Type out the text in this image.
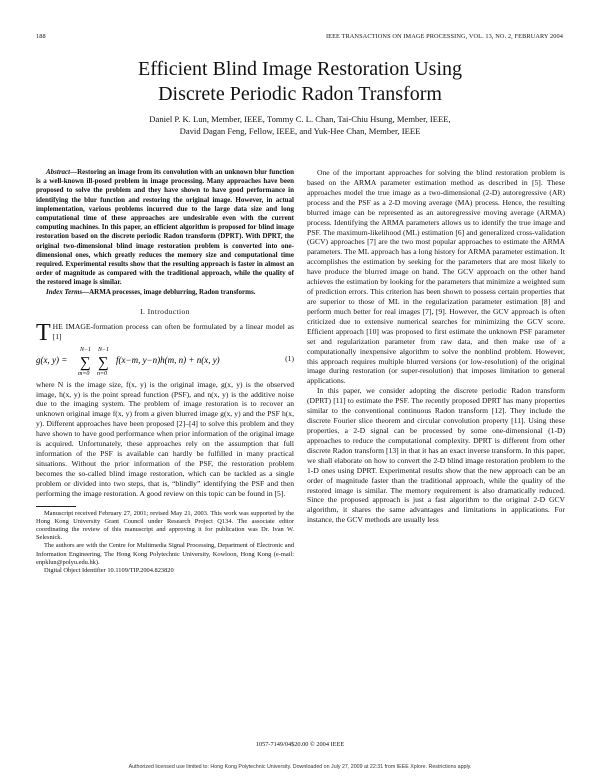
188	IEEE TRANSACTIONS ON IMAGE PROCESSING, VOL. 13, NO. 2, FEBRUARY 2004
Efficient Blind Image Restoration Using
Discrete Periodic Radon Transform
Daniel P. K. Lun, Member, IEEE, Tommy C. L. Chan, Tai-Chiu Hsung, Member, IEEE,
David Dagan Feng, Fellow, IEEE, and Yuk-Hee Chan, Member, IEEE

Abstract—Restoring an image from its convolution with an unknown blur function is a well-known ill-posed problem in image processing. Many approaches have been proposed to solve the problem and they have shown to have good performance in identifying the blur function and restoring the original image. However, in actual implementation, various problems incurred due to the large data size and long computational time of these approaches are undesirable even with the current computing machines. In this paper, an efficient algorithm is proposed for blind image restoration based on the discrete periodic Radon transform (DPRT). With DPRT, the original two-dimensional blind image restoration problem is converted into one-dimensional ones, which greatly reduces the memory size and computational time required. Experimental results show that the resulting approach is faster in almost an order of magnitude as compared with the traditional approach, while the quality of the restored image is similar.

Index Terms—ARMA processes, image deblurring, Radon transforms.

I. Introduction

THE IMAGE-formation process can often be formulated by a linear model as [1]

g(x, y) =
N−1
∑
m=0
N−1
∑
n=0
f(x−m, y−n)h(m, n) + n(x, y)	(1)

where N is the image size, f(x, y) is the original image, g(x, y) is the observed image, h(x, y) is the point spread function (PSF), and n(x, y) is the additive noise due to the imaging system. The problem of image restoration is to recover an unknown original image f(x, y) from a given blurred image g(x, y) and the PSF h(x, y). Different approaches have been proposed [2]–[4] to solve this problem and they have shown to have good performance when prior information of the original image is acquired. Unfortunately, these approaches rely on the assumption that full information of the PSF is available can hardly be fulfilled in many practical situations. Without the prior information of the PSF, the restoration problem becomes the so-called blind image restoration, which can be tackled as a single problem or divided into two steps, that is, “blindly” identifying the PSF and then performing the image restoration. A good review on this topic can be found in [5].

Manuscript received February 27, 2001; revised May 21, 2003. This work was supported by the Hong Kong University Grant Council under Research Project Q134. The associate editor coordinating the review of this manuscript and approving it for publication was Dr. Ivan W. Selesnick.

The authors are with the Centre for Multimedia Signal Processing, Department of Electronic and Information Engineering, The Hong Kong Polytechnic University, Kowloon, Hong Kong (e-mail: enpklun@polyu.edu.hk).

Digital Object Identifier 10.1109/TIP.2004.823820

One of the important approaches for solving the blind restoration problem is based on the ARMA parameter estimation method as described in [5]. These approaches model the true image as a two-dimensional (2-D) autoregressive (AR) process and the PSF as a 2-D moving average (MA) process. Hence, the resulting blurred image can be represented as an autoregressive moving average (ARMA) process. Identifying the ARMA parameters allows us to identify the true image and PSF. The maximum-likelihood (ML) estimation [6] and generalized cross-validation (GCV) approaches [7] are the two most popular approaches to estimate the ARMA parameters. The ML approach has a long history for ARMA parameter estimation. It accomplishes the estimation by seeking for the parameters that are most likely to have produce the blurred image on hand. The GCV approach on the other hand achieves the estimation by looking for the parameters that minimize a weighted sum of prediction errors. This criterion has been shown to possess certain properties that are superior to those of ML in the regularization parameter estimation [8] and perform much better for real images [7], [9]. However, the GCV approach is often criticized due to extensive numerical searches for minimizing the GCV score. Efficient approach [10] was proposed to first estimate the unknown PSF parameter set and regularization parameter from raw data, and then make use of a computationally inexpensive algorithm to solve the nonblind problem. However, this approach requires multiple blurred versions (or low-resolution) of the original image during restoration (or super-resolution) that imposes limitation to general applications.

In this paper, we consider adopting the discrete periodic Radon transform (DPRT) [11] to estimate the PSF. The recently proposed DPRT has many properties similar to the conventional continuous Radon transform [12]. They include the discrete Fourier slice theorem and circular convolution property [11]. Using these properties, a 2-D signal can be processed by some one-dimensional (1-D) approaches to reduce the computational complexity. DPRT is different from other discrete Radon transform [13] in that it has an exact inverse transform. In this paper, we shall elaborate on how to convert the 2-D blind image restoration problem to the 1-D ones using DPRT. Experimental results show that the new approach can be an order of magnitude faster than the traditional approach, while the quality of the restored image is similar. The memory requirement is also dramatically reduced. Since the proposed approach is just a fast algorithm to the original 2-D GCV algorithm, it shares the same advantages and limitations in applications. For instance, the GCV methods are usually less

1057-7149/04$20.00 © 2004 IEEE
Authorized licensed use limited to: Hong Kong Polytechnic University. Downloaded on July 27, 2009 at 22:31 from IEEE Xplore. Restrictions apply.
